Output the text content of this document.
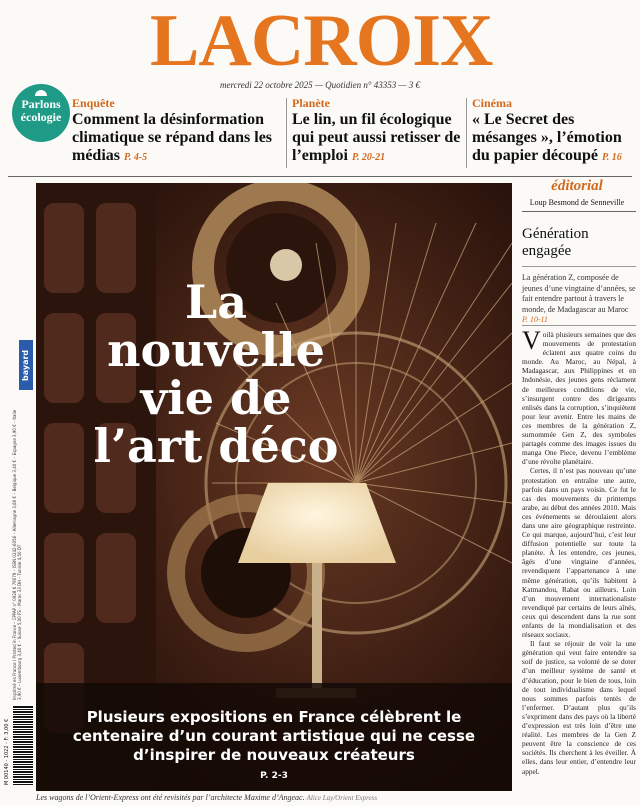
LACROIX
mercredi 22 octobre 2025 — Quotidien n° 43353 — 3 €
Parlons
écologie
Enquête
Comment la désinformation climatique se répand dans les médias P. 4-5
Planète
Le lin, un fil écologique qui peut aussi retisser de l’emploi P. 20-21
Cinéma
« Le Secret des mésanges », l’émotion du papier découpé P. 16
La
nouvelle
vie de
l’art déco
Plusieurs expositions en France célèbrent le centenaire d’un courant artistique qui ne cesse d’inspirer de nouveaux créateurs
P. 2-3
Les wagons de l’Orient-Express ont été revisités par l’architecte Maxime d’Angeac. Alice Lay/Orient Express
bayard
Imprimé en France / Printed in France – CPPAP n° 0928 K 79079 – ISSN 0242-6056 – Allemagne 3,80 € – Belgique 3,40 € – Espagne 3,90 € – Italie 3,90 € – Luxembourg 3,40 € – Suisse 5,00 FS – Maroc 33 DH – Tunisie 4,50 DT
M 00140 - 1022 - F: 3,00 €
éditorial
Loup Besmond de Senneville
Génération engagée
La génération Z, composée de jeunes d’une vingtaine d’années, se fait entendre partout à travers le monde, de Madagascar au Maroc P. 10-11

Voilà plusieurs semaines que des mouvements de protestation éclatent aux quatre coins du monde. Au Maroc, au Népal, à Madagascar, aux Philippines et en Indonésie, des jeunes gens réclament de meilleures conditions de vie, s’insurgent contre des dirigeants enlisés dans la corruption, s’inquiètent pour leur avenir. Entre les mains de ces membres de la génération Z, surnommée Gen Z, des symboles partagés comme des images issues du manga One Piece, devenu l’emblème d’une révolte planétaire.

Certes, il n’est pas nouveau qu’une protestation en entraîne une autre, parfois dans un pays voisin. Ce fut le cas des mouvements du printemps arabe, au début des années 2010. Mais ces événements se déroulaient alors dans une aire géographique restreinte. Ce qui marque, aujourd’hui, c’est leur diffusion potentielle sur toute la planète. À les entendre, ces jeunes, âgés d’une vingtaine d’années, revendiquent l’appartenance à une même génération, qu’ils habitent à Katmandou, Rabat ou ailleurs. Loin d’un mouvement internationaliste revendiqué par certains de leurs aînés, ceux qui descendent dans la rue sont enfants de la mondialisation et des réseaux sociaux.

Il faut se réjouir de voir la une génération qui veut faire entendre sa soif de justice, sa volonté de se doter d’un meilleur système de santé et d’éducation, pour le bien de tous, loin de tout individualisme dans lequel nous sommes parfois tentés de l’enfermer. D’autant plus qu’ils s’expriment dans des pays où la liberté d’expression est très loin d’être une réalité. Les membres de la Gen Z peuvent être la conscience de ces sociétés. Ils cherchent à les éveiller. À elles, dans leur entier, d’entendre leur appel.
